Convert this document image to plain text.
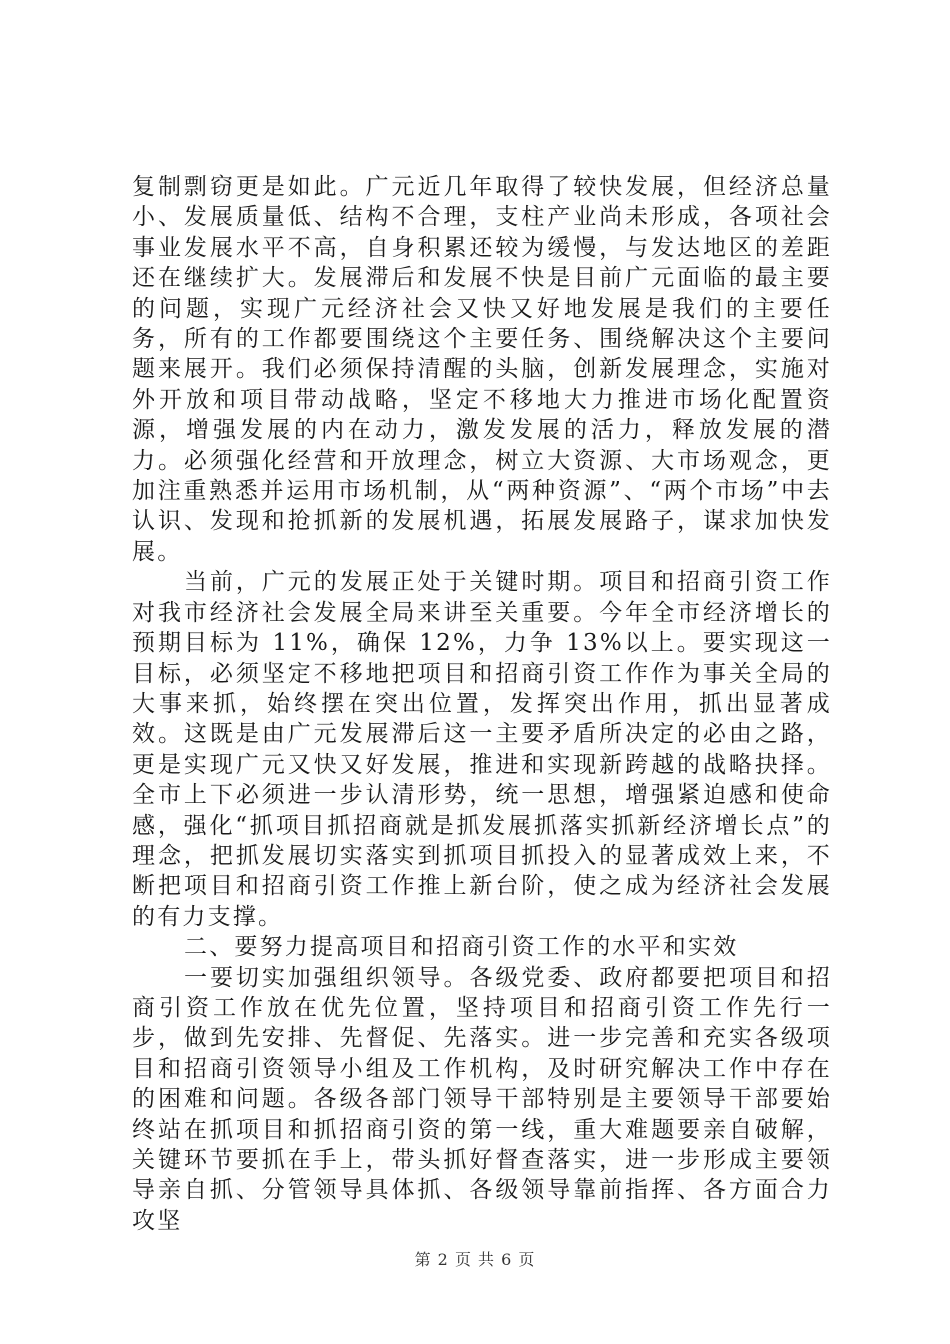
复制剽窃更是如此。广元近几年取得了较快发展，但经济总量小、发展质量低、结构不合理，支柱产业尚未形成，各项社会事业发展水平不高，自身积累还较为缓慢，与发达地区的差距还在继续扩大。发展滞后和发展不快是目前广元面临的最主要的问题，实现广元经济社会又快又好地发展是我们的主要任务，所有的工作都要围绕这个主要任务、围绕解决这个主要问题来展开。我们必须保持清醒的头脑，创新发展理念，实施对外开放和项目带动战略，坚定不移地大力推进市场化配置资源，增强发展的内在动力，激发发展的活力，释放发展的潜力。必须强化经营和开放理念，树立大资源、大市场观念，更加注重熟悉并运用市场机制，从“两种资源”、“两个市场”中去认识、发现和抢抓新的发展机遇，拓展发展路子，谋求加快发展。

当前，广元的发展正处于关键时期。项目和招商引资工作对我市经济社会发展全局来讲至关重要。今年全市经济增长的预期目标为 11%，确保 12%，力争 13%以上。要实现这一目标，必须坚定不移地把项目和招商引资工作作为事关全局的大事来抓，始终摆在突出位置，发挥突出作用，抓出显著成效。这既是由广元发展滞后这一主要矛盾所决定的必由之路，更是实现广元又快又好发展，推进和实现新跨越的战略抉择。全市上下必须进一步认清形势，统一思想，增强紧迫感和使命感，强化“抓项目抓招商就是抓发展抓落实抓新经济增长点”的理念，把抓发展切实落实到抓项目抓投入的显著成效上来，不断把项目和招商引资工作推上新台阶，使之成为经济社会发展的有力支撑。

二、要努力提高项目和招商引资工作的水平和实效

一要切实加强组织领导。各级党委、政府都要把项目和招商引资工作放在优先位置，坚持项目和招商引资工作先行一步，做到先安排、先督促、先落实。进一步完善和充实各级项目和招商引资领导小组及工作机构，及时研究解决工作中存在的困难和问题。各级各部门领导干部特别是主要领导干部要始终站在抓项目和抓招商引资的第一线，重大难题要亲自破解，关键环节要抓在手上，带头抓好督查落实，进一步形成主要领导亲自抓、分管领导具体抓、各级领导靠前指挥、各方面合力攻坚

第 2 页 共 6 页
